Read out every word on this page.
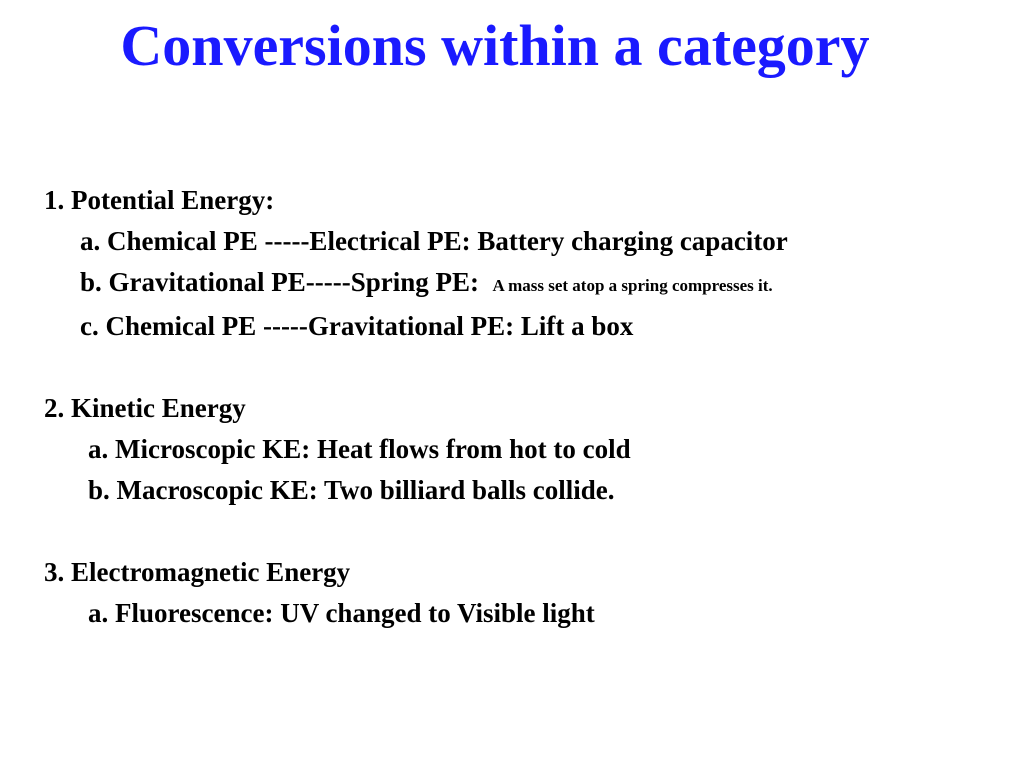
Conversions within a category
1. Potential Energy:
a. Chemical PE -----Electrical PE: Battery charging capacitor
b. Gravitational PE-----Spring PE:  A mass set atop a spring compresses it.
c. Chemical PE -----Gravitational PE: Lift a box
2. Kinetic Energy
a. Microscopic KE: Heat flows from hot to cold
b. Macroscopic KE: Two billiard balls collide.
3. Electromagnetic Energy
a. Fluorescence: UV changed to Visible light
